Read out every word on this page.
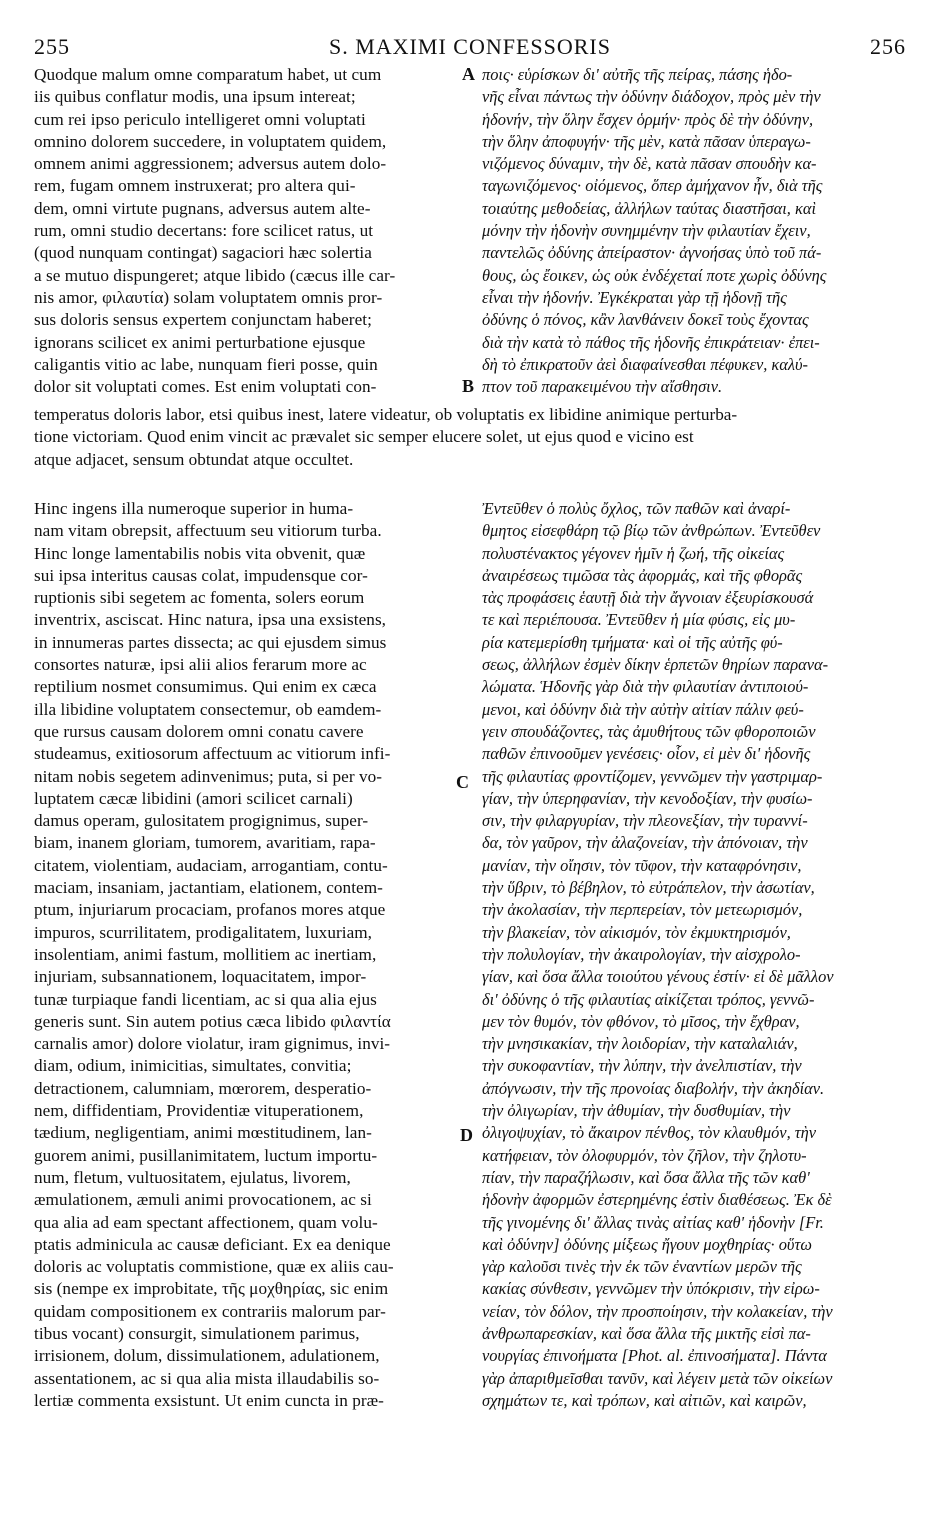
255	S. MAXIMI CONFESSORIS	256
Quodque malum omne comparatum habet, ut cum
iis quibus conflatur modis, una ipsum intereat;
cum rei ipso periculo intelligeret omni voluptati
omnino dolorem succedere, in voluptatem quidem,
omnem animi aggressionem; adversus autem dolo-
rem, fugam omnem instruxerat; pro altera qui-
dem, omni virtute pugnans, adversus autem alte-
rum, omni studio decertans: fore scilicet ratus, ut
(quod nunquam contingat) sagaciori hæc solertia
a se mutuo dispungeret; atque libido (cæcus ille car-
nis amor, φιλαυτία) solam voluptatem omnis pror-
sus doloris sensus expertem conjunctam haberet;
ignorans scilicet ex animi perturbatione ejusque
caligantis vitio ac labe, nunquam fieri posse, quin
dolor sit voluptati comes. Est enim voluptati con-
ποις· εὑρίσκων δι' αὐτῆς τῆς πείρας, πάσης ἡδο-
νῆς εἶναι πάντως τὴν ὀδύνην διάδοχον, πρὸς μὲν τὴν
ἡδονήν, τὴν ὅλην ἔσχεν ὁρμήν· πρὸς δὲ τὴν ὀδύνην,
τὴν ὅλην ἀποφυγήν· τῆς μὲν, κατὰ πᾶσαν ὑπεραγω-
νιζόμενος δύναμιν, τὴν δὲ, κατὰ πᾶσαν σπουδὴν κα-
ταγωνιζόμενος· οἰόμενος, ὅπερ ἀμήχανον ἦν, διὰ τῆς
τοιαύτης μεθοδείας, ἀλλήλων ταύτας διαστῆσαι, καὶ
μόνην τὴν ἡδονὴν συνημμένην τὴν φιλαυτίαν ἔχειν,
παντελῶς ὀδύνης ἀπείραστον· ἀγνοήσας ὑπὸ τοῦ πά-
θους, ὡς ἔοικεν, ὡς οὐκ ἐνδέχεταί ποτε χωρὶς ὀδύνης
εἶναι τὴν ἡδονήν. Ἐγκέκραται γὰρ τῇ ἡδονῇ τῆς
ὀδύνης ὁ πόνος, κἂν λανθάνειν δοκεῖ τοὺς ἔχοντας
διὰ τὴν κατὰ τὸ πάθος τῆς ἡδονῆς ἐπικράτειαν· ἐπει-
δὴ τὸ ἐπικρατοῦν ἀεὶ διαφαίνεσθαι πέφυκεν, καλύ-
πτον τοῦ παρακειμένου τὴν αἴσθησιν.
temperatus doloris labor, etsi quibus inest, latere videatur, ob voluptatis ex libidine animique perturba-
tione victoriam. Quod enim vincit ac prævalet sic semper elucere solet, ut ejus quod e vicino est
atque adjacet, sensum obtundat atque occultet.
Hinc ingens illa numeroque superior in huma-
nam vitam obrepsit, affectuum seu vitiorum turba.
Hinc longe lamentabilis nobis vita obvenit, quæ
sui ipsa interitus causas colat, impudensque cor-
ruptionis sibi segetem ac fomenta, solers eorum
inventrix, asciscat. Hinc natura, ipsa una exsistens,
in innumeras partes dissecta; ac qui ejusdem simus
consortes naturæ, ipsi alii alios ferarum more ac
reptilium nosmet consumimus. Qui enim ex cæca
illa libidine voluptatem consectemur, ob eamdem-
que rursus causam dolorem omni conatu cavere
studeamus, exitiosorum affectuum ac vitiorum infi-
nitam nobis segetem adinvenimus; puta, si per vo-
luptatem cæcæ libidini (amori scilicet carnali)
damus operam, gulositatem progignimus, super-
biam, inanem gloriam, tumorem, avaritiam, rapa-
citatem, violentiam, audaciam, arrogantiam, contu-
maciam, insaniam, jactantiam, elationem, contem-
ptum, injuriarum procaciam, profanos mores atque
impuros, scurrilitatem, prodigalitatem, luxuriam,
insolentiam, animi fastum, mollitiem ac inertiam,
injuriam, subsannationem, loquacitatem, impor-
tunæ turpiaque fandi licentiam, ac si qua alia ejus
generis sunt. Sin autem potius cæca libido φιλαντία
carnalis amor) dolore violatur, iram gignimus, invi-
diam, odium, inimicitias, simultates, convitia;
detractionem, calumniam, mœrorem, desperatio-
nem, diffidentiam, Providentiæ vituperationem,
tædium, negligentiam, animi mœstitudinem, lan-
guorem animi, pusillanimitatem, luctum importu-
num, fletum, vultuositatem, ejulatus, livorem,
æmulationem, æmuli animi provocationem, ac si
qua alia ad eam spectant affectionem, quam volu-
ptatis adminicula ac causæ deficiant. Ex ea denique
doloris ac voluptatis commistione, quæ ex aliis cau-
sis (nempe ex improbitate, τῆς μοχθηρίας, sic enim
quidam compositionem ex contrariis malorum par-
tibus vocant) consurgit, simulationem parimus,
irrisionem, dolum, dissimulationem, adulationem,
assentationem, ac si qua alia mista illaudabilis so-
lertiæ commenta exsistunt. Ut enim cuncta in præ-
Ἐντεῦθεν ὁ πολὺς ὄχλος, τῶν παθῶν καὶ ἀναρί-
θμητος εἰσεφθάρη τῷ βίῳ τῶν ἀνθρώπων. Ἐντεῦθεν
πολυστένακτος γέγονεν ἡμῖν ἡ ζωή, τῆς οἰκείας
ἀναιρέσεως τιμῶσα τὰς ἀφορμάς, καὶ τῆς φθορᾶς
τὰς προφάσεις ἑαυτῇ διὰ τὴν ἄγνοιαν ἐξευρίσκουσά
τε καὶ περιέπουσα. Ἐντεῦθεν ἡ μία φύσις, εἰς μυ-
ρία κατεμερίσθη τμήματα· καὶ οἱ τῆς αὐτῆς φύ-
σεως, ἀλλήλων ἐσμὲν δίκην ἑρπετῶν θηρίων παρανα-
λώματα. Ἡδονῆς γὰρ διὰ τὴν φιλαυτίαν ἀντιποιού-
μενοι, καὶ ὀδύνην διὰ τὴν αὐτὴν αἰτίαν πάλιν φεύ-
γειν σπουδάζοντες, τὰς ἀμυθήτους τῶν φθοροποιῶν
παθῶν ἐπινοοῦμεν γενέσεις· οἷον, εἰ μὲν δι' ἡδονῆς
τῆς φιλαυτίας φροντίζομεν, γεννῶμεν τὴν γαστριμαρ-
γίαν, τὴν ὑπερηφανίαν, τὴν κενοδοξίαν, τὴν φυσίω-
σιν, τὴν φιλαργυρίαν, τὴν πλεονεξίαν, τὴν τυραννί-
δα, τὸν γαῦρον, τὴν ἀλαζονείαν, τὴν ἀπόνοιαν, τὴν
μανίαν, τὴν οἴησιν, τὸν τῦφον, τὴν καταφρόνησιν,
τὴν ὕβριν, τὸ βέβηλον, τὸ εὐτράπελον, τὴν ἀσωτίαν,
τὴν ἀκολασίαν, τὴν περπερείαν, τὸν μετεωρισμόν,
τὴν βλακείαν, τὸν αἰκισμόν, τὸν ἐκμυκτηρισμόν,
τὴν πολυλογίαν, τὴν ἀκαιρολογίαν, τὴν αἰσχρολο-
γίαν, καὶ ὅσα ἄλλα τοιούτου γένους ἐστίν· εἰ δὲ μᾶλλον
δι' ὀδύνης ὁ τῆς φιλαυτίας αἰκίζεται τρόπος, γεννῶ-
μεν τὸν θυμόν, τὸν φθόνον, τὸ μῖσος, τὴν ἔχθραν,
τὴν μνησικακίαν, τὴν λοιδορίαν, τὴν καταλαλιάν,
τὴν συκοφαντίαν, τὴν λύπην, τὴν ἀνελπιστίαν, τὴν
ἀπόγνωσιν, τὴν τῆς προνοίας διαβολήν, τὴν ἀκηδίαν.
τὴν ὀλιγωρίαν, τὴν ἀθυμίαν, τὴν δυσθυμίαν, τὴν
ὀλιγοψυχίαν, τὸ ἄκαιρον πένθος, τὸν κλαυθμόν, τὴν
κατήφειαν, τὸν ὀλοφυρμόν, τὸν ζῆλον, τὴν ζηλοτυ-
πίαν, τὴν παραζήλωσιν, καὶ ὅσα ἄλλα τῆς τῶν καθ'
ἡδονὴν ἀφορμῶν ἐστερημένης ἐστὶν διαθέσεως. Ἐκ δὲ
τῆς γινομένης δι' ἄλλας τινὰς αἰτίας καθ' ἡδονὴν [Fr.
καὶ ὀδύνην] ὀδύνης μίξεως ἤγουν μοχθηρίας· οὕτω
γὰρ καλοῦσι τινὲς τὴν ἐκ τῶν ἐναντίων μερῶν τῆς
κακίας σύνθεσιν, γεννῶμεν τὴν ὑπόκρισιν, τὴν εἰρω-
νείαν, τὸν δόλον, τὴν προσποίησιν, τὴν κολακείαν, τὴν
ἀνθρωπαρεσκίαν, καὶ ὅσα ἄλλα τῆς μικτῆς εἰσὶ πα-
νουργίας ἐπινοήματα [Phot. al. ἐπινοσήματα]. Πάντα
γὰρ ἀπαριθμεῖσθαι τανῦν, καὶ λέγειν μετὰ τῶν οἰκείων
σχημάτων τε, καὶ τρόπων, καὶ αἰτιῶν, καὶ καιρῶν,
A
B
C
D
